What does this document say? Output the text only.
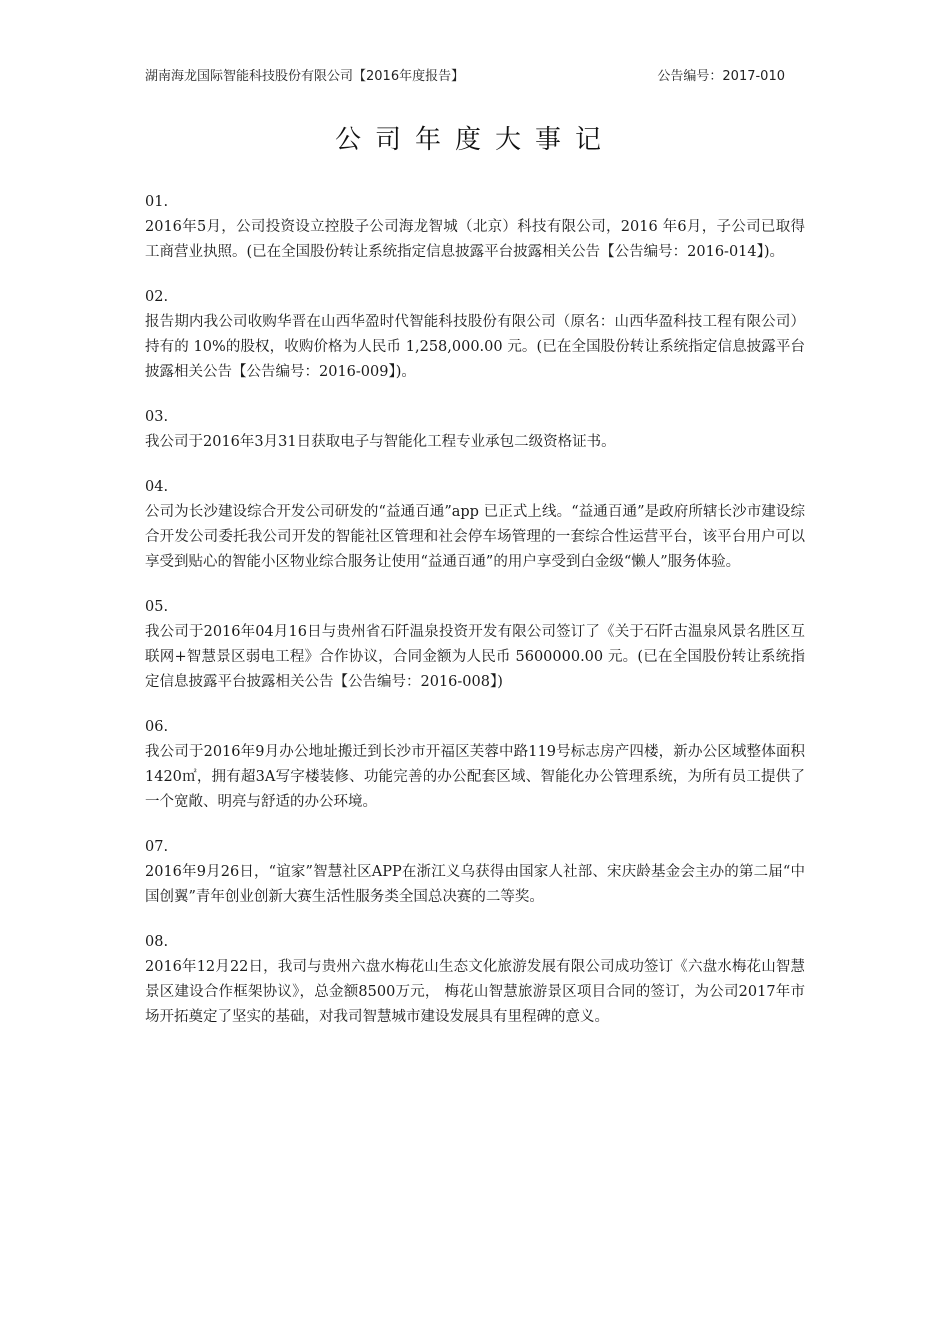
湖南海龙国际智能科技股份有限公司【2016年度报告】	公告编号：2017-010
公司年度大事记
01.
2016年5月，公司投资设立控股子公司海龙智城（北京）科技有限公司，2016 年6月，子公司已取得工商营业执照。(已在全国股份转让系统指定信息披露平台披露相关公告【公告编号：2016-014】)。
02.
报告期内我公司收购华晋在山西华盈时代智能科技股份有限公司（原名：山西华盈科技工程有限公司）持有的 10%的股权，收购价格为人民币 1,258,000.00 元。(已在全国股份转让系统指定信息披露平台披露相关公告【公告编号：2016-009】)。
03.
我公司于2016年3月31日获取电子与智能化工程专业承包二级资格证书。
04.
公司为长沙建设综合开发公司研发的“益通百通”app 已正式上线。“益通百通”是政府所辖长沙市建设综合开发公司委托我公司开发的智能社区管理和社会停车场管理的一套综合性运营平台，该平台用户可以享受到贴心的智能小区物业综合服务让使用“益通百通”的用户享受到白金级“懒人”服务体验。
05.
我公司于2016年04月16日与贵州省石阡温泉投资开发有限公司签订了《关于石阡古温泉风景名胜区互联网+智慧景区弱电工程》合作协议，合同金额为人民币 5600000.00 元。(已在全国股份转让系统指定信息披露平台披露相关公告【公告编号：2016-008】)
06.
我公司于2016年9月办公地址搬迁到长沙市开福区芙蓉中路119号标志房产四楼，新办公区域整体面积1420㎡，拥有超3A写字楼装修、功能完善的办公配套区域、智能化办公管理系统，为所有员工提供了一个宽敞、明亮与舒适的办公环境。
07.
2016年9月26日，“谊家”智慧社区APP在浙江义乌获得由国家人社部、宋庆龄基金会主办的第二届“中国创翼”青年创业创新大赛生活性服务类全国总决赛的二等奖。
08.
2016年12月22日，我司与贵州六盘水梅花山生态文化旅游发展有限公司成功签订《六盘水梅花山智慧景区建设合作框架协议》，总金额8500万元， 梅花山智慧旅游景区项目合同的签订，为公司2017年市场开拓奠定了坚实的基础，对我司智慧城市建设发展具有里程碑的意义。
